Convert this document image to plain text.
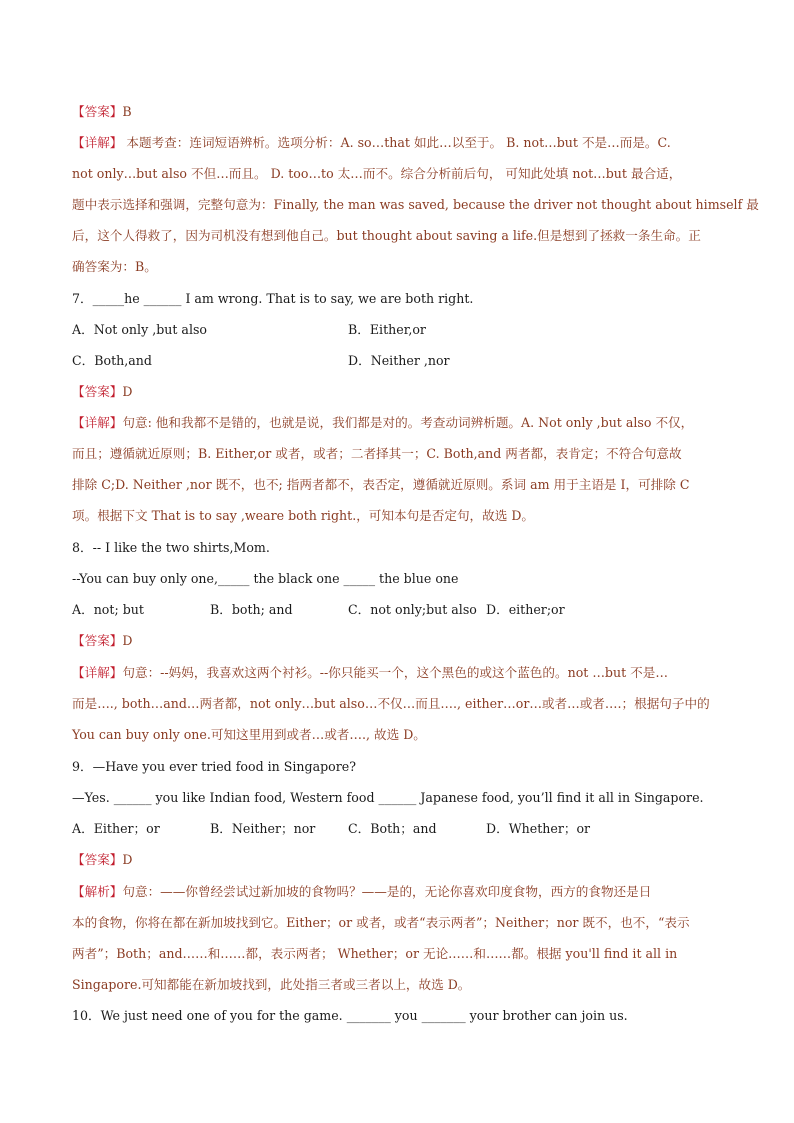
【答案】B
【详解】 本题考查：连词短语辨析。选项分析：A. so…that 如此…以至于。 B. not…but 不是…而是。C.
not only…but also 不但…而且。 D. too…to 太…而不。综合分析前后句， 可知此处填 not…but 最合适，
题中表示选择和强调，完整句意为：Finally, the man was saved, because the driver not thought about himself 最
后，这个人得救了，因为司机没有想到他自己。but thought about saving a life.但是想到了拯救一条生命。正
确答案为：B。
7．_____he ______ I am wrong. That is to say, we are both right.
A．Not only ,but also	B．Either,or
C．Both,and	D．Neither ,nor
【答案】D
【详解】句意: 他和我都不是错的，也就是说，我们都是对的。考查动词辨析题。A. Not only ,but also 不仅，
而且；遵循就近原则；B. Either,or 或者，或者；二者择其一；C. Both,and 两者都，表肯定；不符合句意故
排除 C;D. Neither ,nor 既不，也不; 指两者都不，表否定，遵循就近原则。系词 am 用于主语是 I，可排除 C
项。根据下文 That is to say ,weare both right.，可知本句是否定句，故选 D。
8．-- I like the two shirts,Mom.
--You can buy only one,_____ the black one _____ the blue one
A．not; but	B．both; and	C．not only;but also D．either;or
【答案】D
【详解】句意：--妈妈，我喜欢这两个衬衫。--你只能买一个，这个黑色的或这个蓝色的。not …but 不是…
而是…., both…and…两者都，not only…but also…不仅…而且…., either…or…或者…或者….；根据句子中的
You can buy only one.可知这里用到或者…或者…., 故选 D。
9．—Have you ever tried food in Singapore?
—Yes. ______ you like Indian food, Western food ______ Japanese food, you’ll find it all in Singapore.
A．Either；or	B．Neither；nor	C．Both；and	D．Whether；or
【答案】D
【解析】句意：——你曾经尝试过新加坡的食物吗？——是的，无论你喜欢印度食物，西方的食物还是日
本的食物，你将在都在新加坡找到它。Either；or 或者，或者“表示两者”；Neither；nor 既不，也不，“表示
两者”；Both；and……和……都，表示两者； Whether；or 无论……和……都。根据 you'll find it all in
Singapore.可知都能在新加坡找到，此处指三者或三者以上，故选 D。
10．We just need one of you for the game. _______ you _______ your brother can join us.
